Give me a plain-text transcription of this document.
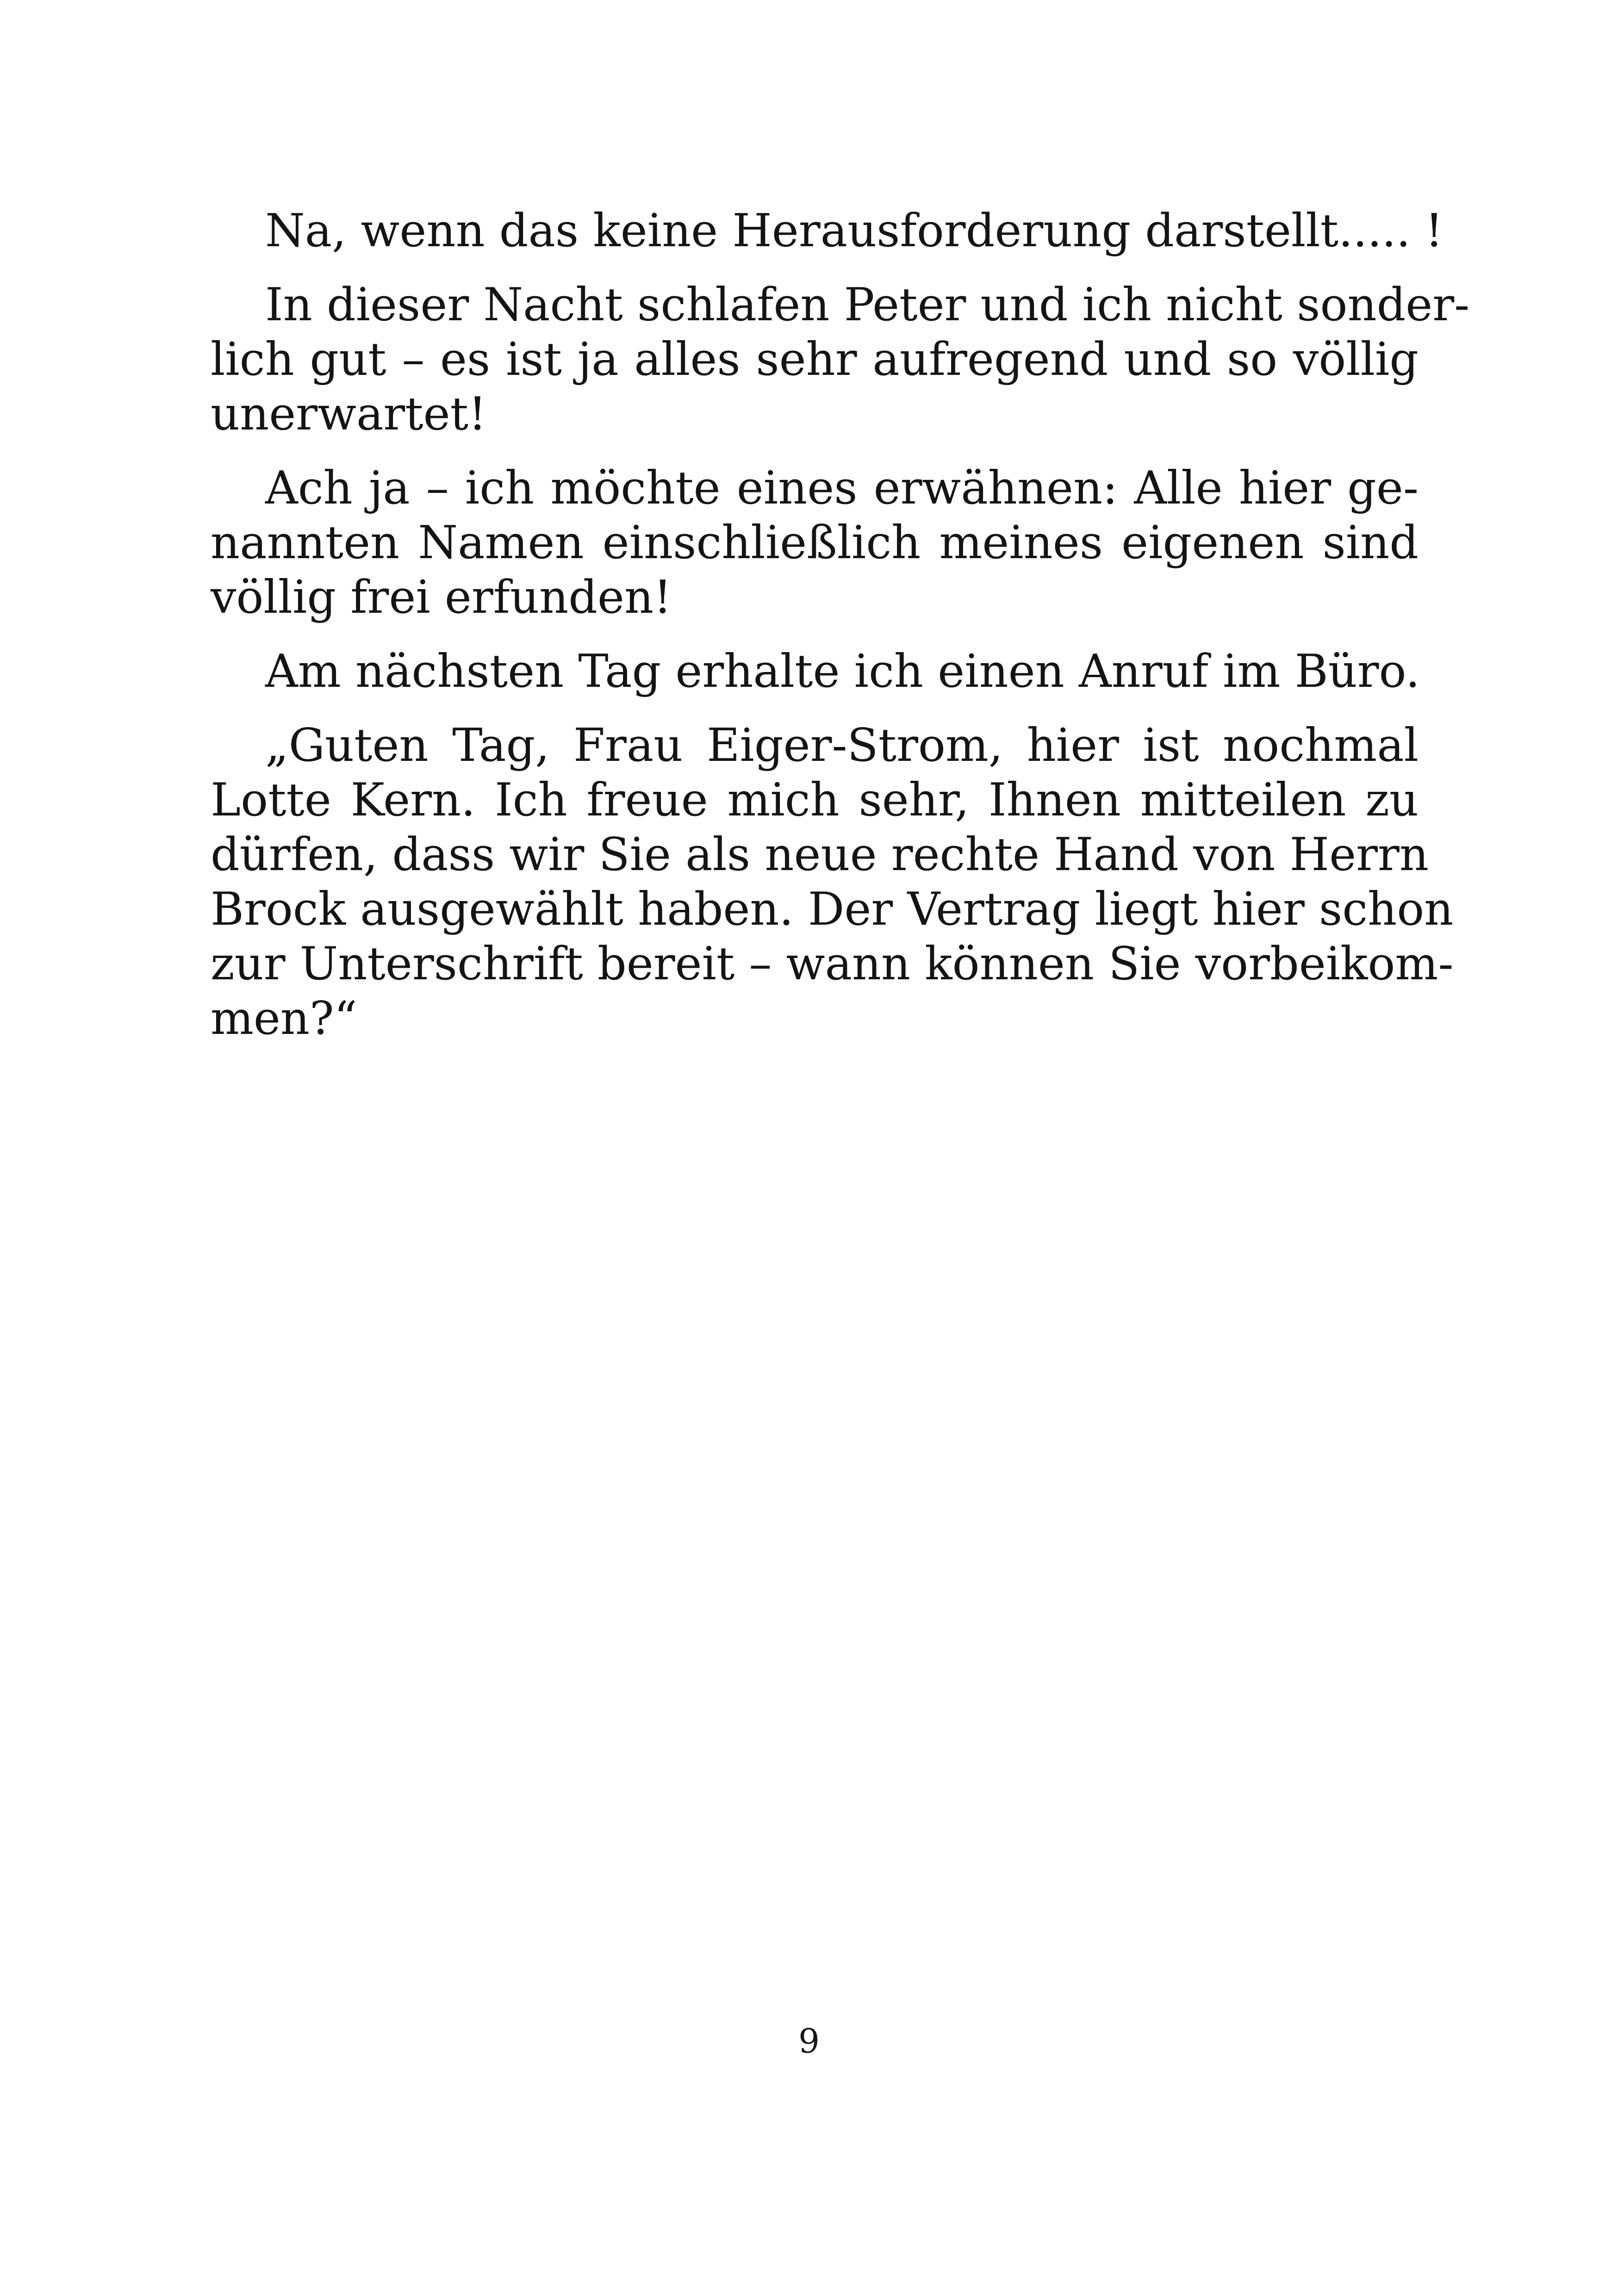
Na, wenn das keine Herausforderung darstellt..... !
In dieser Nacht schlafen Peter und ich nicht sonder-
lich gut – es ist ja alles sehr aufregend und so völlig
unerwartet!
Ach ja – ich möchte eines erwähnen: Alle hier ge-
nannten Namen einschließlich meines eigenen sind
völlig frei erfunden!
Am nächsten Tag erhalte ich einen Anruf im Büro.
„Guten Tag, Frau Eiger-Strom, hier ist nochmal
Lotte Kern. Ich freue mich sehr, Ihnen mitteilen zu
dürfen, dass wir Sie als neue rechte Hand von Herrn
Brock ausgewählt haben. Der Vertrag liegt hier schon
zur Unterschrift bereit – wann können Sie vorbeikom-
men?“
9
